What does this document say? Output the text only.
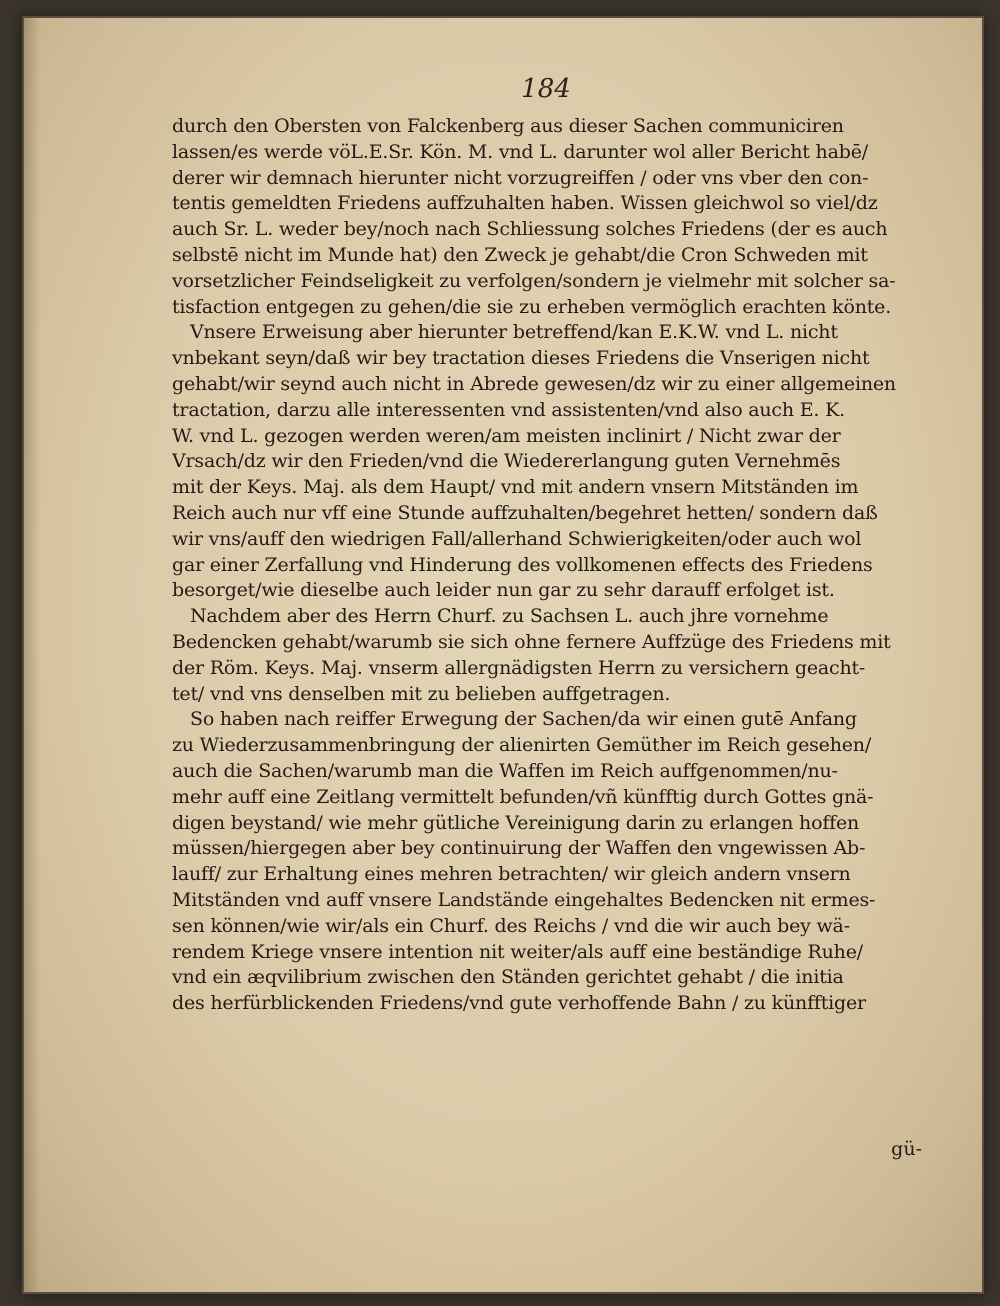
184
durch den Obersten von Falckenberg aus dieser Sachen communiciren
lassen/es werde vöL.E.Sr. Kön. M. vnd L. darunter wol aller Bericht habē/
derer wir demnach hierunter nicht vorzugreiffen / oder vns vber den con-
tentis gemeldten Friedens auffzuhalten haben. Wissen gleichwol so viel/dz
auch Sr. L. weder bey/noch nach Schliessung solches Friedens (der es auch
selbstē nicht im Munde hat) den Zweck je gehabt/die Cron Schweden mit
vorsetzlicher Feindseligkeit zu verfolgen/sondern je vielmehr mit solcher sa-
tisfaction entgegen zu gehen/die sie zu erheben vermöglich erachten könte.
Vnsere Erweisung aber hierunter betreffend/kan E.K.W. vnd L. nicht
vnbekant seyn/daß wir bey tractation dieses Friedens die Vnserigen nicht
gehabt/wir seynd auch nicht in Abrede gewesen/dz wir zu einer allgemeinen
tractation, darzu alle interessenten vnd assistenten/vnd also auch E. K.
W. vnd L. gezogen werden weren/am meisten inclinirt / Nicht zwar der
Vrsach/dz wir den Frieden/vnd die Wiedererlangung guten Vernehmēs
mit der Keys. Maj. als dem Haupt/ vnd mit andern vnsern Mitständen im
Reich auch nur vff eine Stunde auffzuhalten/begehret hetten/ sondern daß
wir vns/auff den wiedrigen Fall/allerhand Schwierigkeiten/oder auch wol
gar einer Zerfallung vnd Hinderung des vollkomenen effects des Friedens
besorget/wie dieselbe auch leider nun gar zu sehr darauff erfolget ist.
Nachdem aber des Herrn Churf. zu Sachsen L. auch jhre vornehme
Bedencken gehabt/warumb sie sich ohne fernere Auffzüge des Friedens mit
der Röm. Keys. Maj. vnserm allergnädigsten Herrn zu versichern geacht-
tet/ vnd vns denselben mit zu belieben auffgetragen.
So haben nach reiffer Erwegung der Sachen/da wir einen gutē Anfang
zu Wiederzusammenbringung der alienirten Gemüther im Reich gesehen/
auch die Sachen/warumb man die Waffen im Reich auffgenommen/nu-
mehr auff eine Zeitlang vermittelt befunden/vñ künfftig durch Gottes gnä-
digen beystand/ wie mehr gütliche Vereinigung darin zu erlangen hoffen
müssen/hiergegen aber bey continuirung der Waffen den vngewissen Ab-
lauff/ zur Erhaltung eines mehren betrachten/ wir gleich andern vnsern
Mitständen vnd auff vnsere Landstände eingehaltes Bedencken nit ermes-
sen können/wie wir/als ein Churf. des Reichs / vnd die wir auch bey wä-
rendem Kriege vnsere intention nit weiter/als auff eine beständige Ruhe/
vnd ein æqvilibrium zwischen den Ständen gerichtet gehabt / die initia
des herfürblickenden Friedens/vnd gute verhoffende Bahn / zu künfftiger
gü-
